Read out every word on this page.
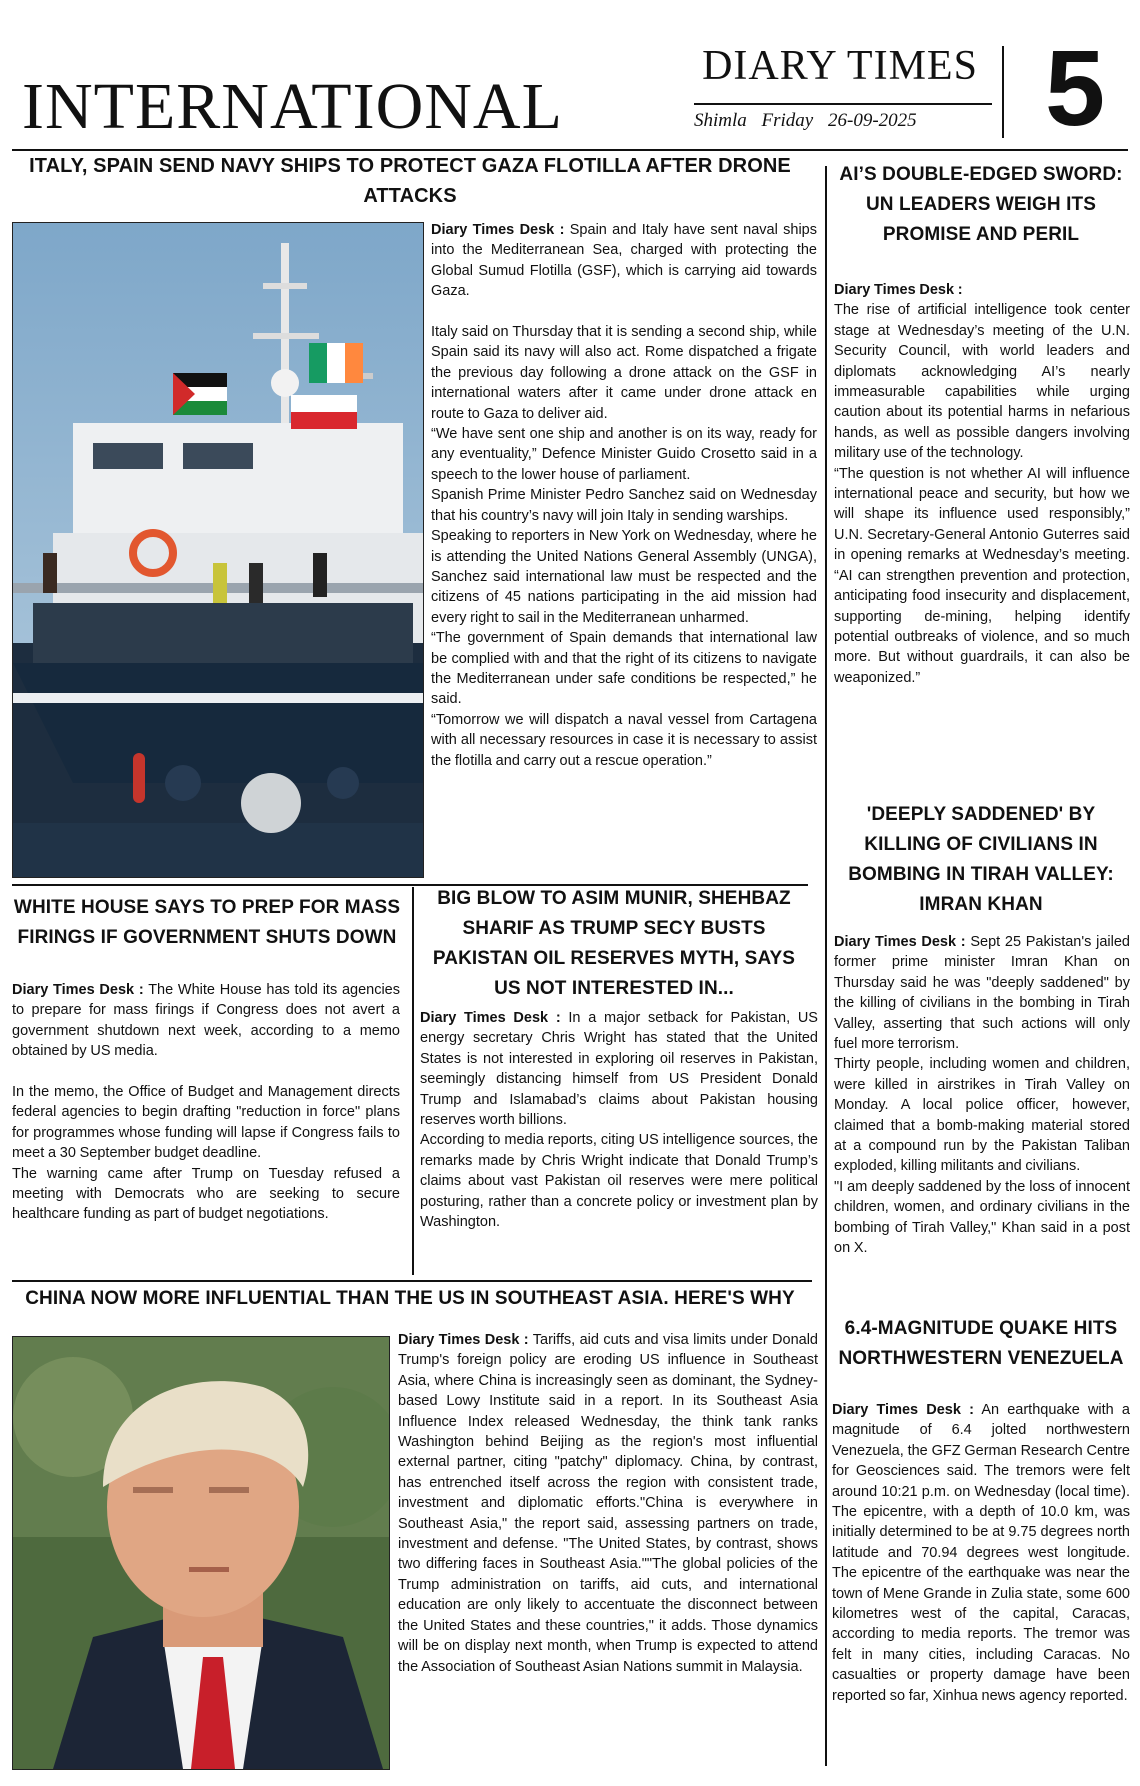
INTERNATIONAL
DIARY TIMES
Shimla Friday 26-09-2025	5
ITALY, SPAIN SEND NAVY SHIPS TO PROTECT GAZA FLOTILLA AFTER DRONE ATTACKS
Diary Times Desk : Spain and Italy have sent naval ships into the Mediterranean Sea, charged with protecting the Global Sumud Flotilla (GSF), which is carrying aid towards Gaza.

Italy said on Thursday that it is sending a second ship, while Spain said its navy will also act. Rome dispatched a frigate the previous day following a drone attack on the GSF in international waters after it came under drone attack en route to Gaza to deliver aid.
“We have sent one ship and another is on its way, ready for any eventuality,” Defence Minister Guido Crosetto said in a speech to the lower house of parliament.
Spanish Prime Minister Pedro Sanchez said on Wednesday that his country’s navy will join Italy in sending warships.
Speaking to reporters in New York on Wednesday, where he is attending the United Nations General Assembly (UNGA), Sanchez said international law must be respected and the citizens of 45 nations participating in the aid mission had every right to sail in the Mediterranean unharmed.
“The government of Spain demands that international law be complied with and that the right of its citizens to navigate the Mediterranean under safe conditions be respected,” he said.
“Tomorrow we will dispatch a naval vessel from Cartagena with all necessary resources in case it is necessary to assist the flotilla and carry out a rescue operation.”
WHITE HOUSE SAYS TO PREP FOR MASS FIRINGS IF GOVERNMENT SHUTS DOWN
Diary Times Desk : The White House has told its agencies to prepare for mass firings if Congress does not avert a government shutdown next week, according to a memo obtained by US media.

In the memo, the Office of Budget and Management directs federal agencies to begin drafting "reduction in force" plans for programmes whose funding will lapse if Congress fails to meet a 30 September budget deadline.
The warning came after Trump on Tuesday refused a meeting with Democrats who are seeking to secure healthcare funding as part of budget negotiations.
BIG BLOW TO ASIM MUNIR, SHEHBAZ SHARIF AS TRUMP SECY BUSTS PAKISTAN OIL RESERVES MYTH, SAYS US NOT INTERESTED IN...
Diary Times Desk : In a major setback for Pakistan, US energy secretary Chris Wright has stated that the United States is not interested in exploring oil reserves in Pakistan, seemingly distancing himself from US President Donald Trump and Islamabad’s claims about Pakistan housing reserves worth billions.
According to media reports, citing US intelligence sources, the remarks made by Chris Wright indicate that Donald Trump’s claims about vast Pakistan oil reserves were mere political posturing, rather than a concrete policy or investment plan by Washington.
CHINA NOW MORE INFLUENTIAL THAN THE US IN SOUTHEAST ASIA. HERE'S WHY
Diary Times Desk : Tariffs, aid cuts and visa limits under Donald Trump's foreign policy are eroding US influence in Southeast Asia, where China is increasingly seen as dominant, the Sydney-based Lowy Institute said in a report. In its Southeast Asia Influence Index released Wednesday, the think tank ranks Washington behind Beijing as the region's most influential external partner, citing "patchy" diplomacy. China, by contrast, has entrenched itself across the region with consistent trade, investment and diplomatic efforts."China is everywhere in Southeast Asia," the report said, assessing partners on trade, investment and defense. "The United States, by contrast, shows two differing faces in Southeast Asia.""The global policies of the Trump administration on tariffs, aid cuts, and international education are only likely to accentuate the disconnect between the United States and these countries," it adds. Those dynamics will be on display next month, when Trump is expected to attend the Association of Southeast Asian Nations summit in Malaysia.
AI’S DOUBLE-EDGED SWORD: UN LEADERS WEIGH ITS PROMISE AND PERIL
Diary Times Desk :
The rise of artificial intelligence took center stage at Wednesday’s meeting of the U.N. Security Council, with world leaders and diplomats acknowledging AI’s nearly immeasurable capabilities while urging caution about its potential harms in nefarious hands, as well as possible dangers involving military use of the technology.
“The question is not whether AI will influence international peace and security, but how we will shape its influence used responsibly,” U.N. Secretary-General Antonio Guterres said in opening remarks at Wednesday’s meeting. “AI can strengthen prevention and protection, anticipating food insecurity and displacement, supporting de-mining, helping identify potential outbreaks of violence, and so much more. But without guardrails, it can also be weaponized.”
'DEEPLY SADDENED' BY KILLING OF CIVILIANS IN BOMBING IN TIRAH VALLEY: IMRAN KHAN
Diary Times Desk : Sept 25 Pakistan's jailed former prime minister Imran Khan on Thursday said he was "deeply saddened" by the killing of civilians in the bombing in Tirah Valley, asserting that such actions will only fuel more terrorism.
Thirty people, including women and children, were killed in airstrikes in Tirah Valley on Monday. A local police officer, however, claimed that a bomb-making material stored at a compound run by the Pakistan Taliban exploded, killing militants and civilians.
"I am deeply saddened by the loss of innocent children, women, and ordinary civilians in the bombing of Tirah Valley," Khan said in a post on X.
6.4-MAGNITUDE QUAKE HITS NORTHWESTERN VENEZUELA
Diary Times Desk : An earthquake with a magnitude of 6.4 jolted northwestern Venezuela, the GFZ German Research Centre for Geosciences said. The tremors were felt around 10:21 p.m. on Wednesday (local time). The epicentre, with a depth of 10.0 km, was initially determined to be at 9.75 degrees north latitude and 70.94 degrees west longitude. The epicentre of the earthquake was near the town of Mene Grande in Zulia state, some 600 kilometres west of the capital, Caracas, according to media reports. The tremor was felt in many cities, including Caracas. No casualties or property damage have been reported so far, Xinhua news agency reported.
